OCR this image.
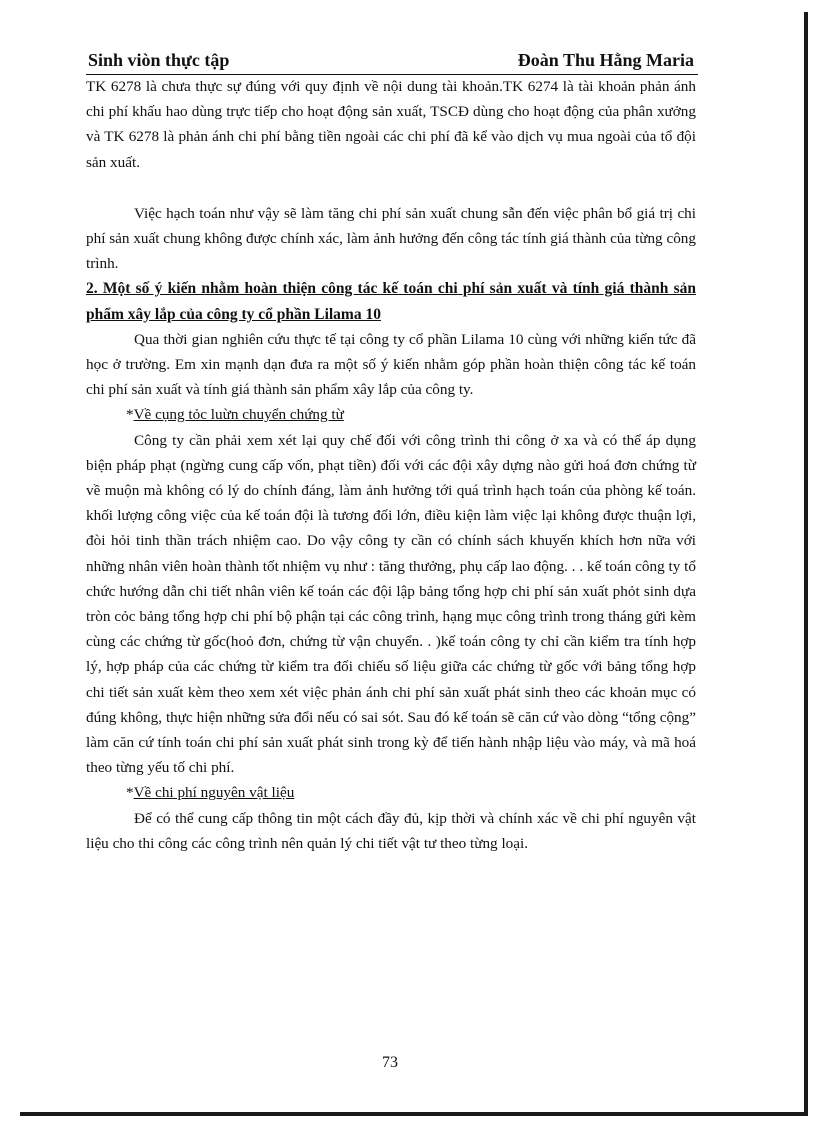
Sinh viòn thực tập	Đoàn Thu Hằng Maria

TK 6278 là chưa thực sự đúng với quy định về nội dung tài khoản.TK 6274 là tài khoản phản ánh chi phí khấu hao dùng trực tiếp cho hoạt động sản xuất, TSCĐ dùng cho hoạt động của phân xưởng và TK 6278 là phản ánh chi phí bằng tiền ngoài các chi phí đã kể vào dịch vụ mua ngoài của tổ đội sản xuất.

Việc hạch toán như vậy sẽ làm tăng chi phí sản xuất chung sẫn đến việc phân bổ giá trị chi phí sản xuất chung không được chính xác, làm ảnh hưởng đến công tác tính giá thành của từng công trình.

2. Một số ý kiến nhằm hoàn thiện công tác kế toán chi phí sản xuất và tính giá thành sản phẩm xây lắp của công ty cổ phần Lilama 10

Qua thời gian nghiên cứu thực tế tại công ty cổ phần Lilama 10 cùng với những kiến tức đã học ở trường. Em xin mạnh dạn đưa ra một số ý kiến nhằm góp phần hoàn thiện công tác kế toán chi phí sản xuất và tính giá thành sản phẩm xây lắp của công ty.

*Về cụng tỏc luừn chuyển chứng từ

Công ty cần phải xem xét lại quy chế đối với công trình thi công ở xa và có thể áp dụng biện pháp phạt (ngừng cung cấp vốn, phạt tiền) đối với các đội xây dựng nào gửi hoá đơn chứng từ về muộn mà không có lý do chính đáng, làm ảnh hưởng tới quá trình hạch toán của phòng kế toán. khối lượng công việc của kế toán đội là tương đối lớn, điều kiện làm việc lại không được thuận lợi, đòi hỏi tinh thần trách nhiệm cao. Do vậy công ty cần có chính sách khuyến khích hơn nữa với những nhân viên hoàn thành tốt nhiệm vụ như : tăng thưởng, phụ cấp lao động. . . kế toán công ty tổ chức hướng dẫn chi tiết nhân viên kế toán các đội lập bảng tổng hợp chi phí sản xuất phỏt sinh dựa tròn cỏc bảng tổng hợp chi phí bộ phận tại các công trình, hạng mục công trình trong tháng gửi kèm cùng các chứng từ gốc(hoỏ đơn, chứng từ vận chuyển. . )kế toán công ty chỉ cần kiểm tra tính hợp lý, hợp pháp của các chứng từ kiểm tra đối chiếu số liệu giữa các chứng từ gốc với bảng tổng hợp chi tiết sản xuất kèm theo xem xét việc phản ánh chi phí sản xuất phát sinh theo các khoản mục có đúng không, thực hiện những sửa đổi nếu có sai sót. Sau đó kế toán sẽ căn cứ vào dòng “tổng cộng” làm căn cứ tính toán chi phí sản xuất phát sinh trong kỳ để tiến hành nhập liệu vào máy, và mã hoá theo từng yếu tố chi phí.

*Về chi phí nguyên vật liệu

Để có thể cung cấp thông tin một cách đầy đủ, kịp thời và chính xác về chi phí nguyên vật liệu cho thi công các công trình nên quản lý chi tiết vật tư theo từng loại.

73
